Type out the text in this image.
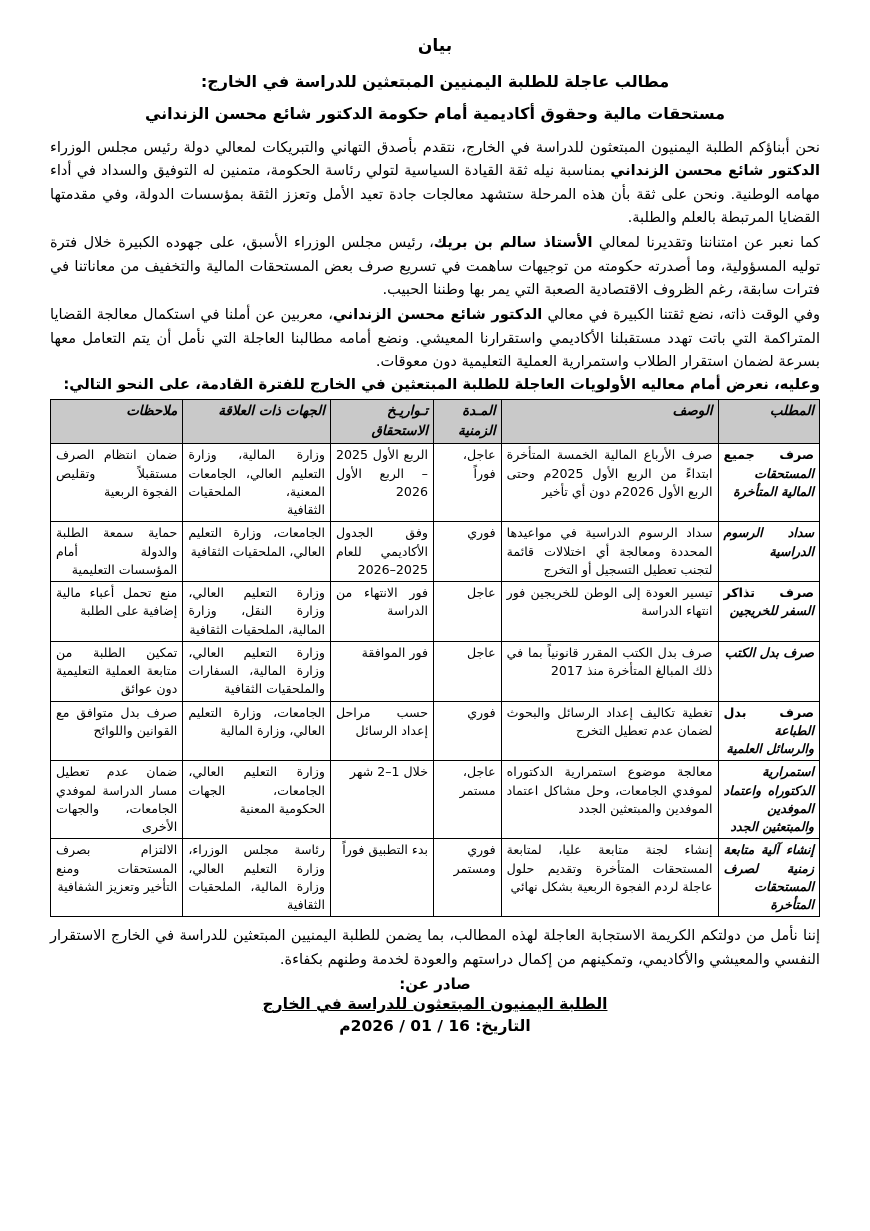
بيان
مطالب عاجلة للطلبة اليمنيين المبتعثين للدراسة في الخارج:
مستحقات مالية وحقوق أكاديمية أمام حكومة الدكتور شائع محسن الزنداني

نحن أبناؤكم الطلبة اليمنيون المبتعثون للدراسة في الخارج، نتقدم بأصدق التهاني والتبريكات لمعالي دولة رئيس مجلس الوزراء الدكتور شائع محسن الزنداني بمناسبة نيله ثقة القيادة السياسية لتولي رئاسة الحكومة، متمنين له التوفيق والسداد في أداء مهامه الوطنية. ونحن على ثقة بأن هذه المرحلة ستشهد معالجات جادة تعيد الأمل وتعزز الثقة بمؤسسات الدولة، وفي مقدمتها القضايا المرتبطة بالعلم والطلبة.

كما نعبر عن امتناننا وتقديرنا لمعالي الأستاذ سالم بن بريك، رئيس مجلس الوزراء الأسبق، على جهوده الكبيرة خلال فترة توليه المسؤولية، وما أصدرته حكومته من توجيهات ساهمت في تسريع صرف بعض المستحقات المالية والتخفيف من معاناتنا في فترات سابقة، رغم الظروف الاقتصادية الصعبة التي يمر بها وطننا الحبيب.

وفي الوقت ذاته، نضع ثقتنا الكبيرة في معالي الدكتور شائع محسن الزنداني، معربين عن أملنا في استكمال معالجة القضايا المتراكمة التي باتت تهدد مستقبلنا الأكاديمي واستقرارنا المعيشي. ونضع أمامه مطالبنا العاجلة التي نأمل أن يتم التعامل معها بسرعة لضمان استقرار الطلاب واستمرارية العملية التعليمية دون معوقات.

وعليه، نعرض أمام معاليه الأولويات العاجلة للطلبة المبتعثين في الخارج للفترة القادمة، على النحو التالي:
المطلب	الوصف	المـدة الزمنية	تـواريـخ الاستحقاق	الجهات ذات العلاقة	ملاحظات
صرف جميع المستحقات المالية المتأخرة	صرف الأرباع المالية الخمسة المتأخرة ابتداءً من الربع الأول 2025م وحتى الربع الأول 2026م دون أي تأخير	عاجل، فوراً	الربع الأول 2025 – الربع الأول 2026	وزارة المالية، وزارة التعليم العالي، الجامعات المعنية، الملحقيات الثقافية	ضمان انتظام الصرف مستقبلاً وتقليص الفجوة الربعية
سداد الرسوم الدراسية	سداد الرسوم الدراسية في مواعيدها المحددة ومعالجة أي اختلالات قائمة لتجنب تعطيل التسجيل أو التخرج	فوري	وفق الجدول الأكاديمي للعام 2025–2026	الجامعات، وزارة التعليم العالي، الملحقيات الثقافية	حماية سمعة الطلبة والدولة أمام المؤسسات التعليمية
صرف تذاكر السفر للخريجين	تيسير العودة إلى الوطن للخريجين فور انتهاء الدراسة	عاجل	فور الانتهاء من الدراسة	وزارة التعليم العالي، وزارة النقل، وزارة المالية، الملحقيات الثقافية	منع تحمل أعباء مالية إضافية على الطلبة
صرف بدل الكتب	صرف بدل الكتب المقرر قانونياً بما في ذلك المبالغ المتأخرة منذ 2017	عاجل	فور الموافقة	وزارة التعليم العالي، وزارة المالية، السفارات والملحقيات الثقافية	تمكين الطلبة من متابعة العملية التعليمية دون عوائق
صرف بدل الطباعة والرسائل العلمية	تغطية تكاليف إعداد الرسائل والبحوث لضمان عدم تعطيل التخرج	فوري	حسب مراحل إعداد الرسائل	الجامعات، وزارة التعليم العالي، وزارة المالية	صرف بدل متوافق مع القوانين واللوائح
استمرارية الدكتوراه واعتماد الموفدين والمبتعثين الجدد	معالجة موضوع استمرارية الدكتوراه لموفدي الجامعات، وحل مشاكل اعتماد الموفدين والمبتعثين الجدد	عاجل، مستمر	خلال 1–2 شهر	وزارة التعليم العالي، الجامعات، الجهات الحكومية المعنية	ضمان عدم تعطيل مسار الدراسة لموفدي الجامعات، والجهات الأخرى
إنشاء آلية متابعة زمنية لصرف المستحقات المتأخرة	إنشاء لجنة متابعة عليا، لمتابعة المستحقات المتأخرة وتقديم حلول عاجلة لردم الفجوة الربعية بشكل نهائي	فوري ومستمر	بدء التطبيق فوراً	رئاسة مجلس الوزراء، وزارة التعليم العالي، وزارة المالية، الملحقيات الثقافية	الالتزام بصرف المستحقات ومنع التأخير وتعزيز الشفافية

إننا نأمل من دولتكم الكريمة الاستجابة العاجلة لهذه المطالب، بما يضمن للطلبة اليمنيين المبتعثين للدراسة في الخارج الاستقرار النفسي والمعيشي والأكاديمي، وتمكينهم من إكمال دراستهم والعودة لخدمة وطنهم بكفاءة.

صادر عن:
الطلبة اليمنيون المبتعثون للدراسة في الخارج
التاريخ: 16 / 01 / 2026م
